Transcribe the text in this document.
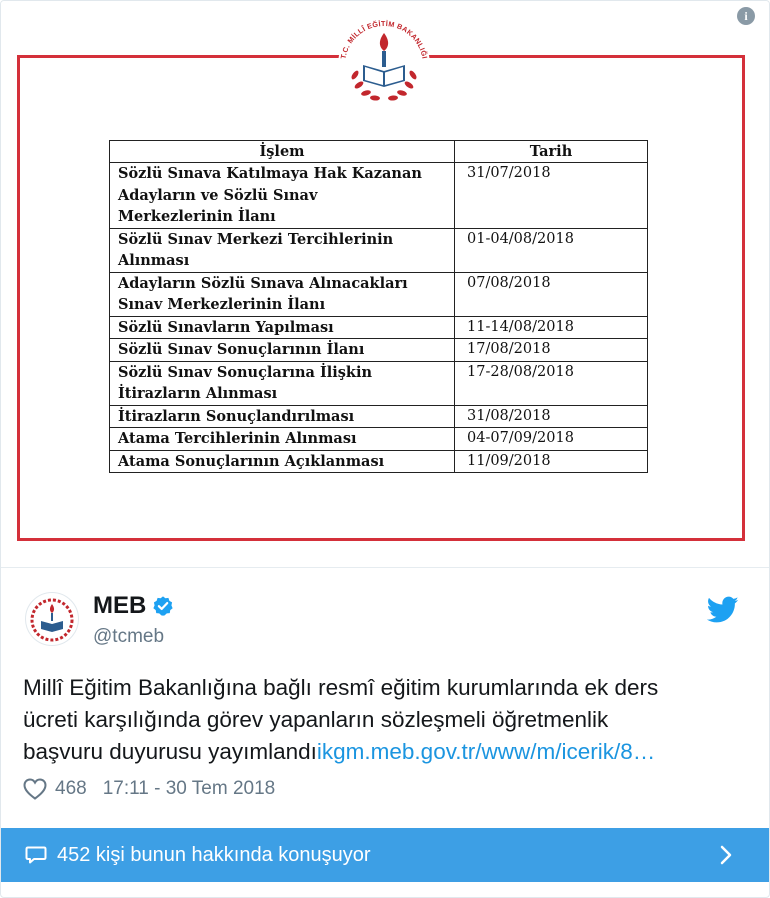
i
T.C. MİLLÎ EĞİTİM BAKANLIĞI
İşlem	Tarih
Sözlü Sınava Katılmaya Hak Kazanan
Adayların ve Sözlü Sınav
Merkezlerinin İlanı	31/07/2018
Sözlü Sınav Merkezi Tercihlerinin
Alınması	01-04/08/2018
Adayların Sözlü Sınava Alınacakları
Sınav Merkezlerinin İlanı	07/08/2018
Sözlü Sınavların Yapılması	11-14/08/2018
Sözlü Sınav Sonuçlarının İlanı	17/08/2018
Sözlü Sınav Sonuçlarına İlişkin
İtirazların Alınması	17-28/08/2018
İtirazların Sonuçlandırılması	31/08/2018
Atama Tercihlerinin Alınması	04-07/09/2018
Atama Sonuçlarının Açıklanması	11/09/2018
MEB
@tcmeb
Millî Eğitim Bakanlığına bağlı resmî eğitim kurumlarında ek ders
ücreti karşılığında görev yapanların sözleşmeli öğretmenlik
başvuru duyurusu yayımlandıikgm.meb.gov.tr/www/m/icerik/8…
468 17:11 - 30 Tem 2018
452 kişi bunun hakkında konuşuyor
